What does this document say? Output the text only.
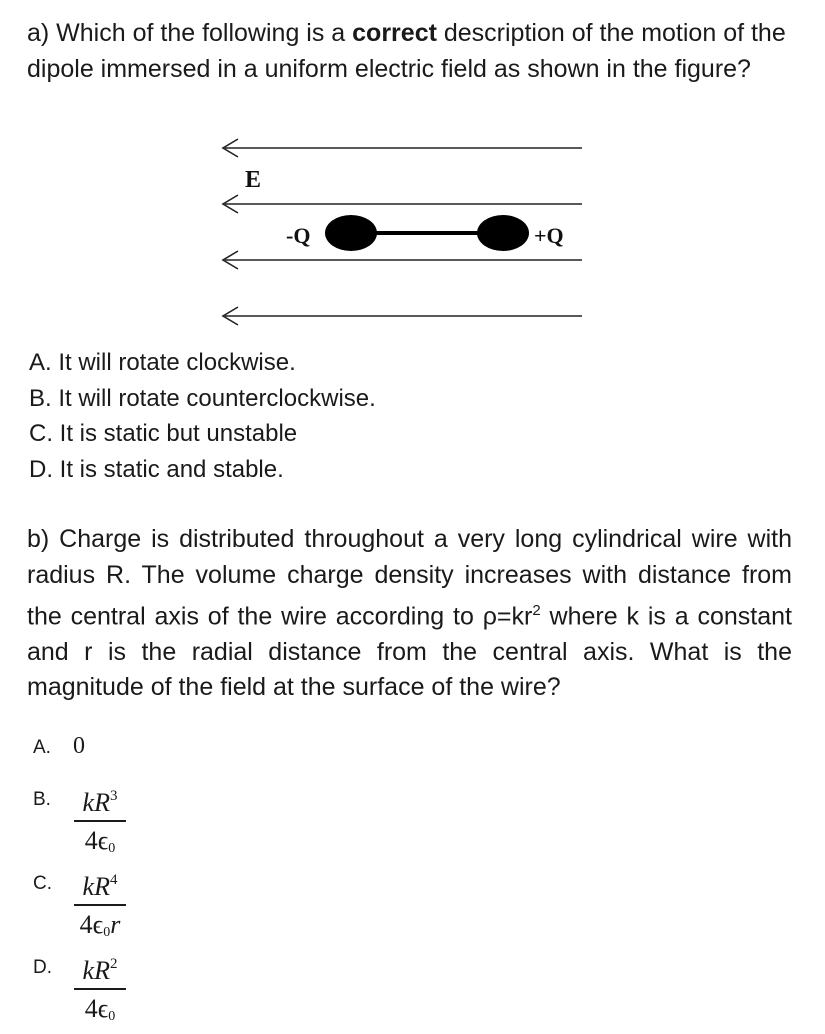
a) Which of the following is a correct description of the motion of the dipole immersed in a uniform electric field as shown in the figure?

E
-Q	+Q
A. It will rotate clockwise.
B. It will rotate counterclockwise.
C. It is static but unstable
D. It is static and stable.

b) Charge is distributed throughout a very long cylindrical wire with radius R. The volume charge density increases with distance from the central axis of the wire according to $\rho=kr^2$ where k is a constant and r is the radial distance from the central axis. What is the magnitude of the field at the surface of the wire?

A. 0
B. $kR^3$
$4\epsilon_0$
C. $kR^4$
$4\epsilon_0r$
D. $kR^2$
$4\epsilon_0$
